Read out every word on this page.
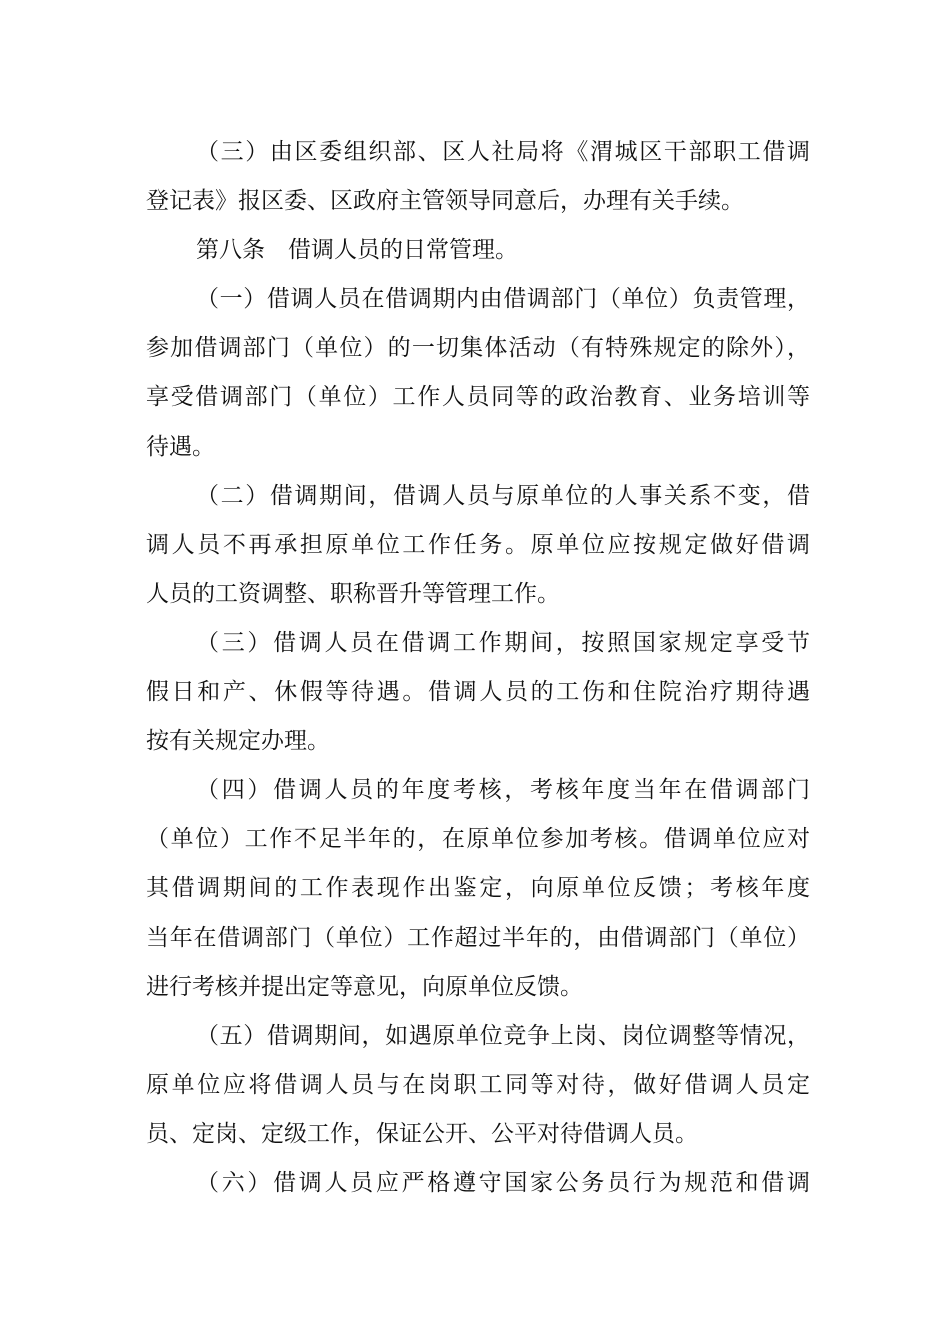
（三）由区委组织部、区人社局将《渭城区干部职工借调
登记表》报区委、区政府主管领导同意后，办理有关手续。
第八条　借调人员的日常管理。
（一）借调人员在借调期内由借调部门（单位）负责管理，
参加借调部门（单位）的一切集体活动（有特殊规定的除外），
享受借调部门（单位）工作人员同等的政治教育、业务培训等
待遇。
（二）借调期间，借调人员与原单位的人事关系不变，借
调人员不再承担原单位工作任务。原单位应按规定做好借调
人员的工资调整、职称晋升等管理工作。
（三）借调人员在借调工作期间，按照国家规定享受节
假日和产、休假等待遇。借调人员的工伤和住院治疗期待遇
按有关规定办理。
（四）借调人员的年度考核，考核年度当年在借调部门
（单位）工作不足半年的，在原单位参加考核。借调单位应对
其借调期间的工作表现作出鉴定，向原单位反馈；考核年度
当年在借调部门（单位）工作超过半年的，由借调部门（单位）
进行考核并提出定等意见，向原单位反馈。
（五）借调期间，如遇原单位竞争上岗、岗位调整等情况，
原单位应将借调人员与在岗职工同等对待，做好借调人员定
员、定岗、定级工作，保证公开、公平对待借调人员。
（六）借调人员应严格遵守国家公务员行为规范和借调
